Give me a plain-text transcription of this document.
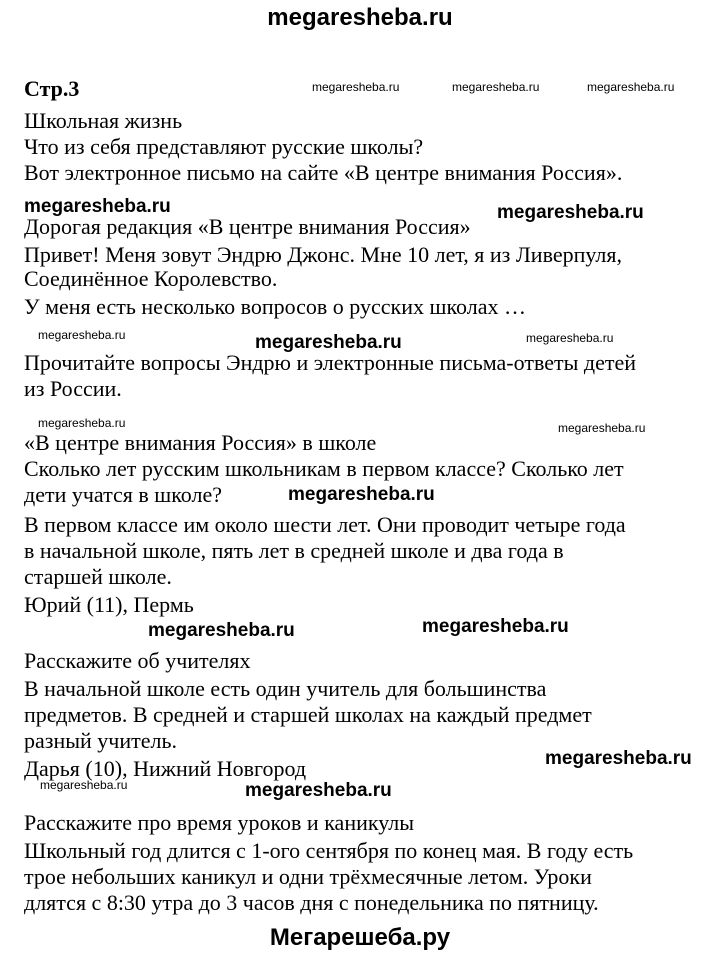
megaresheba.ru
Стр.3
Школьная жизнь
Что из себя представляют русские школы?
Вот электронное письмо на сайте «В центре внимания Россия».
Дорогая редакция «В центре внимания Россия»
Привет! Меня зовут Эндрю Джонс. Мне 10 лет, я из Ливерпуля,
Соединённое Королевство.
У меня есть несколько вопросов о русских школах …
Прочитайте вопросы Эндрю и электронные письма-ответы детей
из России.
«В центре внимания Россия» в школе
Сколько лет русским школьникам в первом классе? Сколько лет
дети учатся в школе?
В первом классе им около шести лет. Они проводит четыре года
в начальной школе, пять лет в средней школе и два года в
старшей школе.
Юрий (11), Пермь
Расскажите об учителях
В начальной школе есть один учитель для большинства
предметов. В средней и старшей школах на каждый предмет
разный учитель.
Дарья (10), Нижний Новгород
Расскажите про время уроков и каникулы
Школьный год длится с 1-ого сентября по конец мая. В году есть
трое небольших каникул и одни трёхмесячные летом. Уроки
длятся с 8:30 утра до 3 часов дня с понедельника по пятницу.
megaresheba.ru	megaresheba.ru	megaresheba.ru
megaresheba.ru	megaresheba.ru
megaresheba.ru	megaresheba.ru	megaresheba.ru
megaresheba.ru	megaresheba.ru
megaresheba.ru
megaresheba.ru	megaresheba.ru
megaresheba.ru
megaresheba.ru	megaresheba.ru
Мегарешеба.ру
